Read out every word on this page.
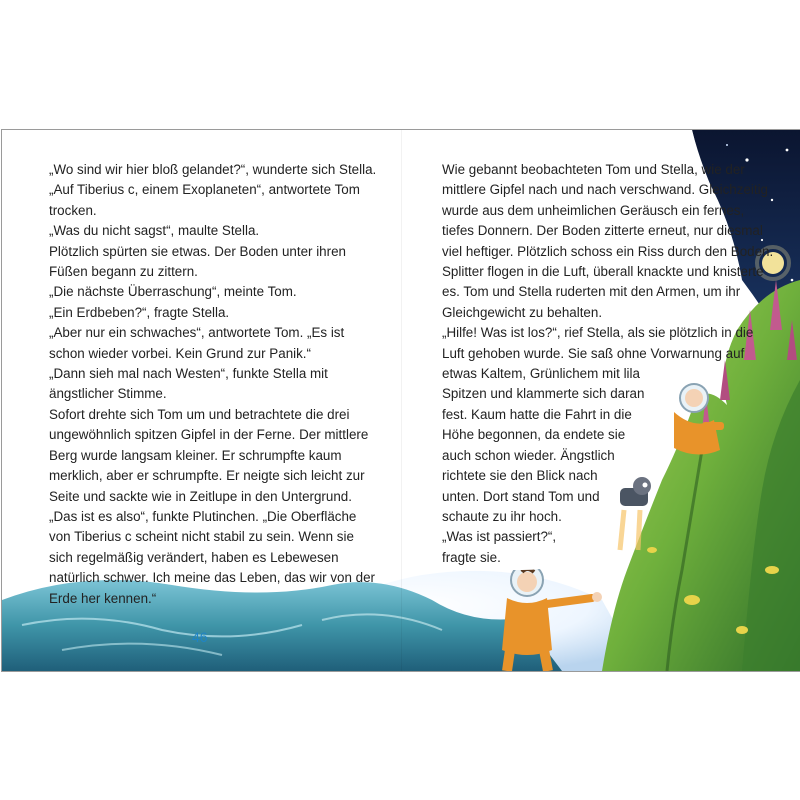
„Wo sind wir hier bloß gelandet?“, wunderte sich Stella.
„Auf Tiberius c, einem Exoplaneten“, antwortete Tom
trocken.
„Was du nicht sagst“, maulte Stella.
Plötzlich spürten sie etwas. Der Boden unter ihren
Füßen begann zu zittern.
„Die nächste Überraschung“, meinte Tom.
„Ein Erdbeben?“, fragte Stella.
„Aber nur ein schwaches“, antwortete Tom. „Es ist
schon wieder vorbei. Kein Grund zur Panik.“
„Dann sieh mal nach Westen“, funkte Stella mit
ängstlicher Stimme.
Sofort drehte sich Tom um und betrachtete die drei
ungewöhnlich spitzen Gipfel in der Ferne. Der mittlere
Berg wurde langsam kleiner. Er schrumpfte kaum
merklich, aber er schrumpfte. Er neigte sich leicht zur
Seite und sackte wie in Zeitlupe in den Untergrund.
„Das ist es also“, funkte Plutinchen. „Die Oberfläche
von Tiberius c scheint nicht stabil zu sein. Wenn sie
sich regelmäßig verändert, haben es Lebewesen
natürlich schwer. Ich meine das Leben, das wir von der
Erde her kennen.“
Wie gebannt beobachteten Tom und Stella, wie der
mittlere Gipfel nach und nach verschwand. Gleichzeitig
wurde aus dem unheimlichen Geräusch ein fernes,
tiefes Donnern. Der Boden zitterte erneut, nur diesmal
viel heftiger. Plötzlich schoss ein Riss durch den Boden.
Splitter flogen in die Luft, überall knackte und knisterte
es. Tom und Stella ruderten mit den Armen, um ihr
Gleichgewicht zu behalten.
„Hilfe! Was ist los?“, rief Stella, als sie plötzlich in die
Luft gehoben wurde. Sie saß ohne Vorwarnung auf
etwas Kaltem, Grünlichem mit lila
Spitzen und klammerte sich daran
fest. Kaum hatte die Fahrt in die
Höhe begonnen, da endete sie
auch schon wieder. Ängstlich
richtete sie den Blick nach
unten. Dort stand Tom und
schaute zu ihr hoch.
„Was ist passiert?“,
fragte sie.
46
